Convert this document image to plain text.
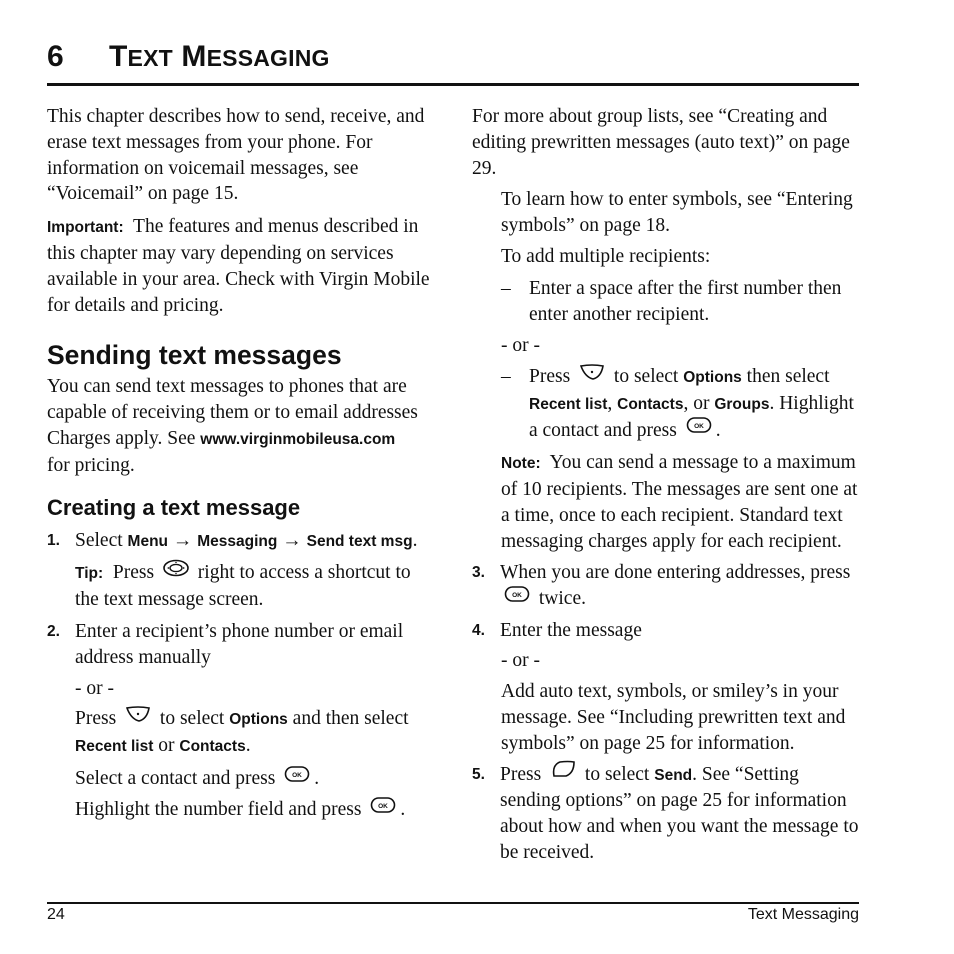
6 TEXT MESSAGING

This chapter describes how to send, receive, and erase text messages from your phone. For information on voicemail messages, see “Voicemail” on page 15.

Important: The features and menus described in this chapter may vary depending on services available in your area. Check with Virgin Mobile for details and pricing.

Sending text messages

You can send text messages to phones that are capable of receiving them or to email addresses Charges apply. See www.virginmobileusa.com
for pricing.

Creating a text message

1. Select Menu → Messaging → Send text msg.

Tip: Press right to access a shortcut to the text message screen.

2. Enter a recipient’s phone number or email address manually

- or -

Press to select Options and then select Recent list or Contacts.

Select a contact and press	OK .

Highlight the number field and press	OK .

For more about group lists, see “Creating and editing prewritten messages (auto text)” on page 29.

To learn how to enter symbols, see “Entering symbols” on page 18.

To add multiple recipients:

– Enter a space after the first number then enter another recipient.

- or -

– Press to select Options then select Recent list, Contacts, or Groups. Highlight a contact and press	OK .

Note: You can send a message to a maximum of 10 recipients. The messages are sent one at a time, once to each recipient. Standard text messaging charges apply for each recipient.

3. When you are done entering addresses, press
OK twice.

4. Enter the message

- or -

Add auto text, symbols, or smiley’s in your message. See “Including prewritten text and symbols” on page 25 for information.

5. Press to select Send. See “Setting sending options” on page 25 for information about how and when you want the message to be received.

24	Text Messaging
